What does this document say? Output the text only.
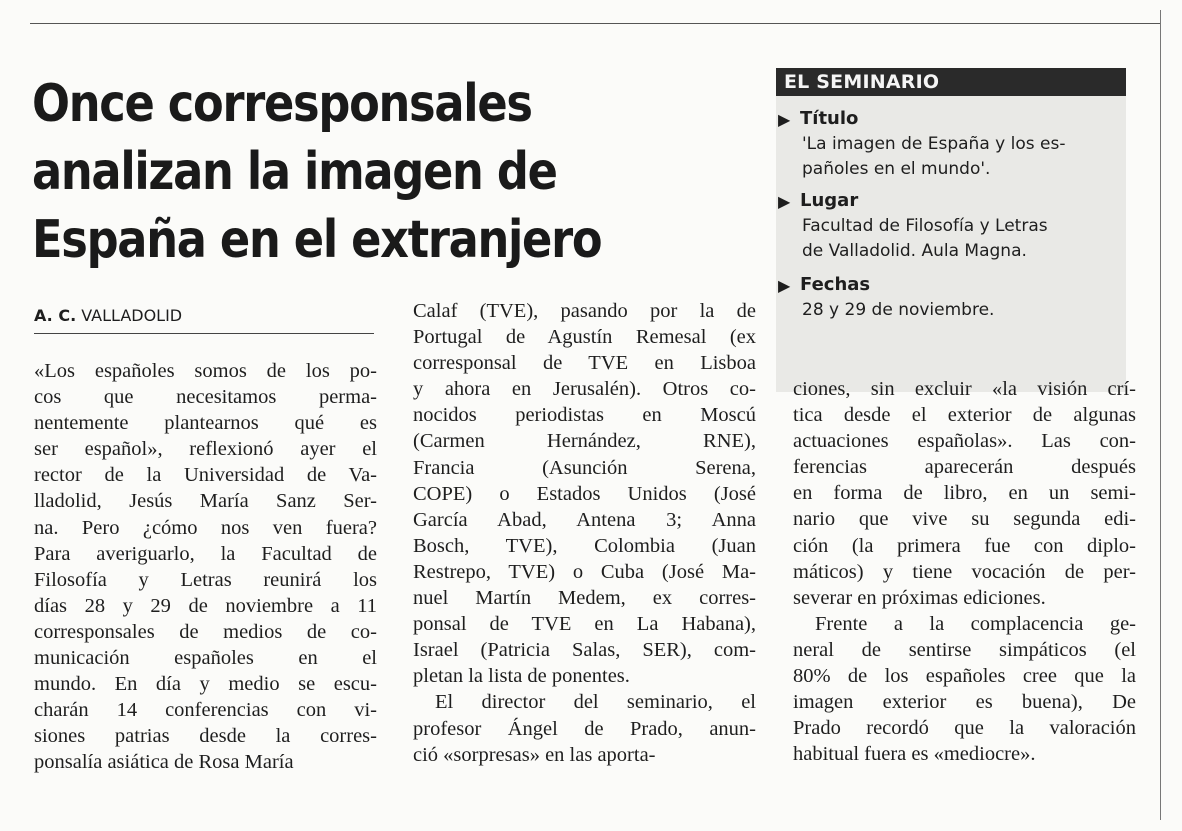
Once corresponsales
analizan la imagen de
España en el extranjero
A. C. VALLADOLID
EL SEMINARIO
▶ Título
'La imagen de España y los es-
pañoles en el mundo'.
▶ Lugar
Facultad de Filosofía y Letras
de Valladolid. Aula Magna.
▶ Fechas
28 y 29 de noviembre.
«Los españoles somos de los po-
cos que necesitamos perma-
nentemente plantearnos qué es
ser español», reflexionó ayer el
rector de la Universidad de Va-
lladolid, Jesús María Sanz Ser-
na. Pero ¿cómo nos ven fuera?
Para averiguarlo, la Facultad de
Filosofía y Letras reunirá los
días 28 y 29 de noviembre a 11
corresponsales de medios de co-
municación españoles en el
mundo. En día y medio se escu-
charán 14 conferencias con vi-
siones patrias desde la corres-
ponsalía asiática de Rosa María
Calaf (TVE), pasando por la de
Portugal de Agustín Remesal (ex
corresponsal de TVE en Lisboa
y ahora en Jerusalén). Otros co-
nocidos periodistas en Moscú
(Carmen Hernández, RNE),
Francia (Asunción Serena,
COPE) o Estados Unidos (José
García Abad, Antena 3; Anna
Bosch, TVE), Colombia (Juan
Restrepo, TVE) o Cuba (José Ma-
nuel Martín Medem, ex corres-
ponsal de TVE en La Habana),
Israel (Patricia Salas, SER), com-
pletan la lista de ponentes.
El director del seminario, el
profesor Ángel de Prado, anun-
ció «sorpresas» en las aporta-
ciones, sin excluir «la visión crí-
tica desde el exterior de algunas
actuaciones españolas». Las con-
ferencias aparecerán después
en forma de libro, en un semi-
nario que vive su segunda edi-
ción (la primera fue con diplo-
máticos) y tiene vocación de per-
severar en próximas ediciones.
Frente a la complacencia ge-
neral de sentirse simpáticos (el
80% de los españoles cree que la
imagen exterior es buena), De
Prado recordó que la valoración
habitual fuera es «mediocre».
